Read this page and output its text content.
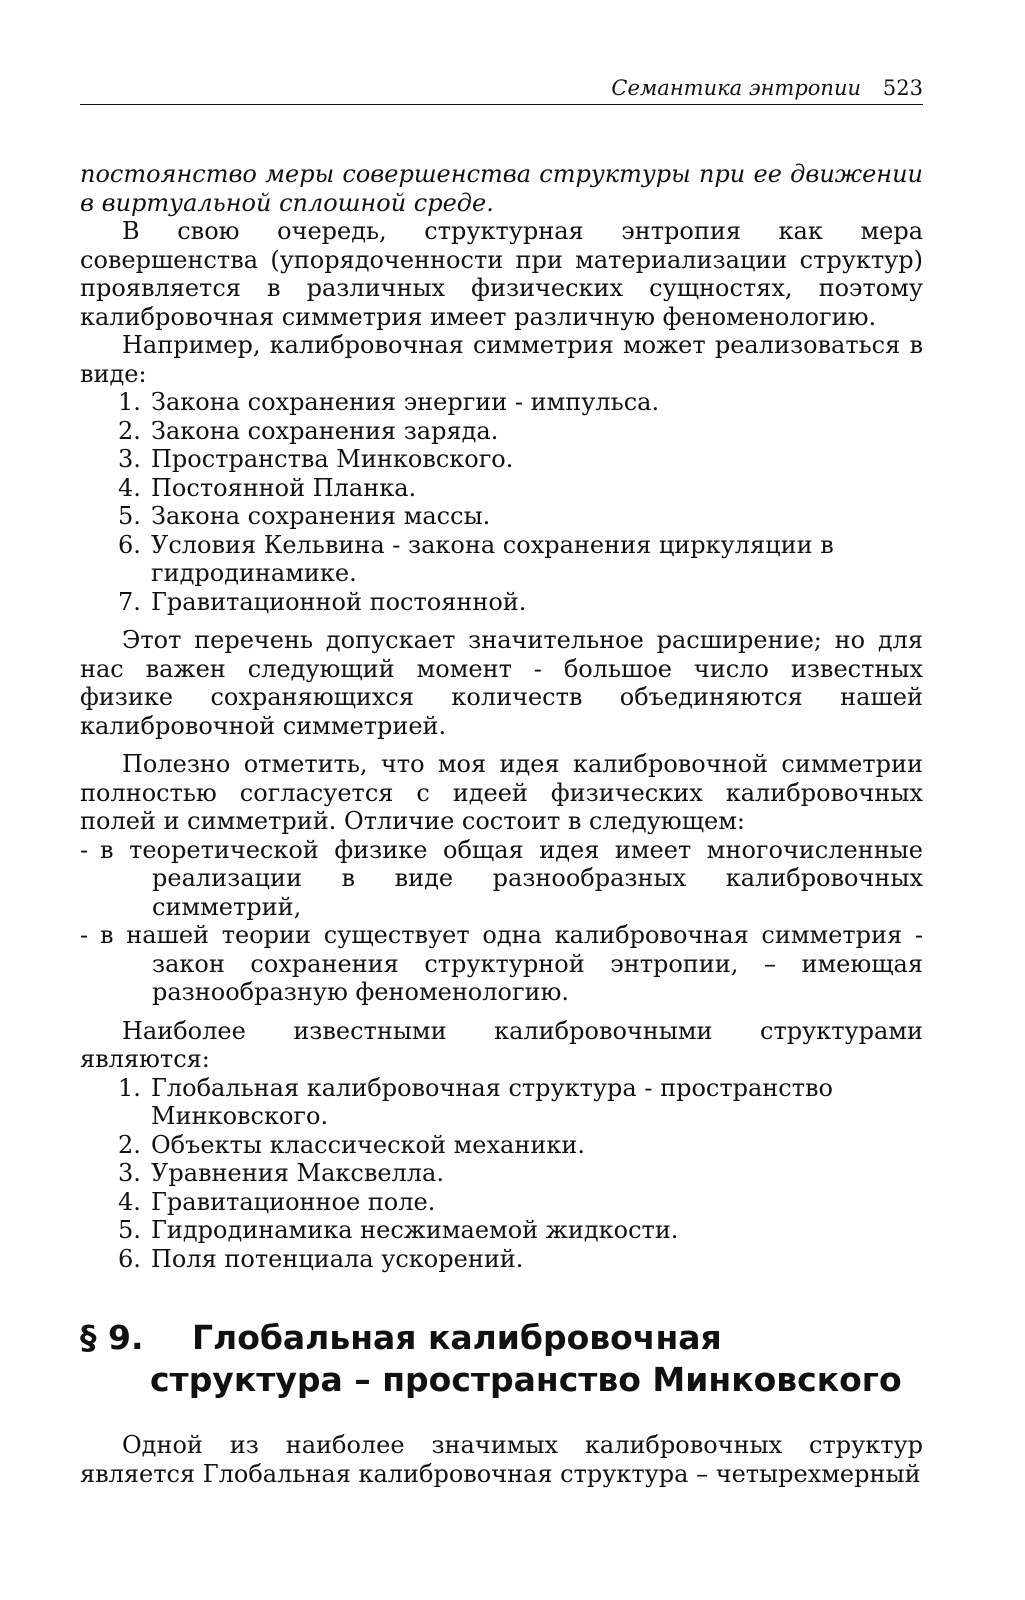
Семантика энтропии 523

постоянство меры совершенства структуры при ее движении в виртуальной сплошной среде.

В свою очередь, структурная энтропия как мера совершенства (упорядоченности при материализации структур) проявляется в различных физических сущностях, поэтому калибровочная симметрия имеет различную феноменологию.

Например, калибровочная симметрия может реализоваться в виде:

1. Закона сохранения энергии - импульса.
2. Закона сохранения заряда.
3. Пространства Минковского.
4. Постоянной Планка.
5. Закона сохранения массы.
6. Условия Кельвина - закона сохранения циркуляции в гидродинамике.
7. Гравитационной постоянной.

Этот перечень допускает значительное расширение; но для нас важен следующий момент - большое число известных физике сохраняющихся количеств объединяются нашей калибровочной симметрией.

Полезно отметить, что моя идея калибровочной симметрии полностью согласуется с идеей физических калибровочных полей и симметрий. Отличие состоит в следующем:

- в теоретической физике общая идея имеет многочисленные реализации в виде разнообразных калибровочных симметрий,
- в нашей теории существует одна калибровочная симметрия - закон сохранения структурной энтропии, – имеющая разнообразную феноменологию.

Наиболее известными калибровочными структурами являются:

1. Глобальная калибровочная структура - пространство Минковского.
2. Объекты классической механики.
3. Уравнения Максвелла.
4. Гравитационное поле.
5. Гидродинамика несжимаемой жидкости.
6. Поля потенциала ускорений.
§ 9.	Глобальная калибровочная структура – пространство Минковского

Одной из наиболее значимых калибровочных структур является Глобальная калибровочная структура – четырехмерный
